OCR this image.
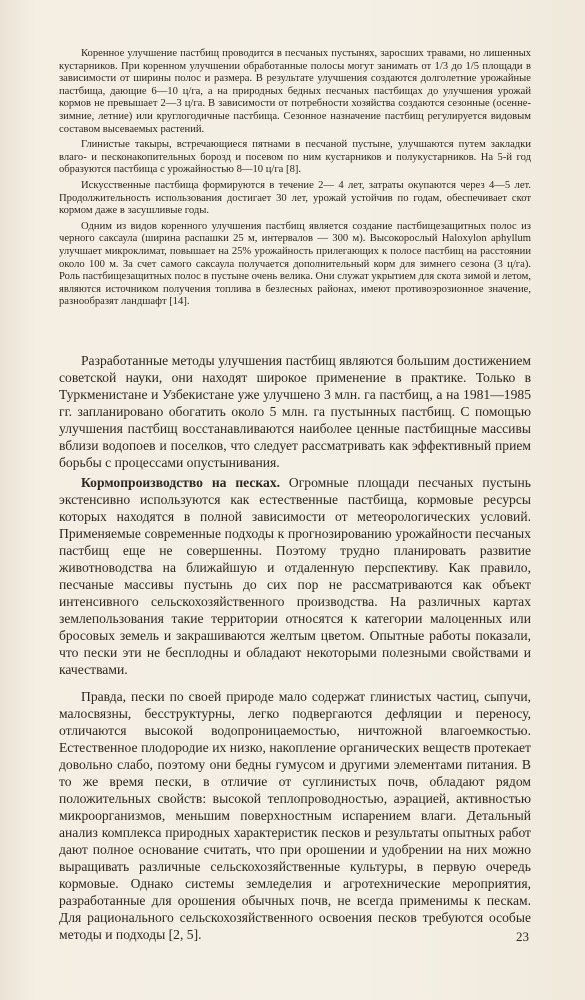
Коренное улучшение пастбищ проводится в песчаных пустынях, заросших травами, но лишенных кустарников. При коренном улучшении обработанные полосы могут занимать от 1/3 до 1/5 площади в зависимости от ширины полос и размера. В результате улучшения создаются долголетние урожайные пастбища, дающие 6—10 ц/га, а на природных бедных песчаных пастбищах до улучшения урожай кормов не превышает 2—3 ц/га. В зависимости от потребности хозяйства создаются сезонные (осенне-зимние, летние) или круглогодичные пастбища. Сезонное назначение пастбищ регулируется видовым составом высеваемых растений.

Глинистые такыры, встречающиеся пятнами в песчаной пустыне, улучшаются путем закладки влаго- и песконакопительных борозд и посевом по ним кустарников и полукустарников. На 5-й год образуются пастбища с урожайностью 8—10 ц/га [8].

Искусственные пастбища формируются в течение 2— 4 лет, затраты окупаются через 4—5 лет. Продолжительность использования достигает 30 лет, урожай устойчив по годам, обеспечивает скот кормом даже в засушливые годы.

Одним из видов коренного улучшения пастбищ является создание пастбищезащитных полос из черного саксаула (ширина распашки 25 м, интервалов — 300 м). Высокорослый Haloxylon aphyllum улучшает микроклимат, повышает на 25% урожайность прилегающих к полосе пастбищ на расстоянии около 100 м. За счет самого саксаула получается дополнительный корм для зимнего сезона (3 ц/га). Роль пастбищезащитных полос в пустыне очень велика. Они служат укрытием для скота зимой и летом, являются источником получения топлива в безлесных районах, имеют противоэрозионное значение, разнообразят ландшафт [14].

Разработанные методы улучшения пастбищ являются большим достижением советской науки, они находят широкое применение в практике. Только в Туркменистане и Узбекистане уже улучшено 3 млн. га пастбищ, а на 1981—1985 гг. запланировано обогатить около 5 млн. га пустынных пастбищ. С помощью улучшения пастбищ восстанавливаются наиболее ценные пастбищные массивы вблизи водопоев и поселков, что следует рассматривать как эффективный прием борьбы с процессами опустынивания.

Кормопроизводство на песках. Огромные площади песчаных пустынь экстенсивно используются как естественные пастбища, кормовые ресурсы которых находятся в полной зависимости от метеорологических условий. Применяемые современные подходы к прогнозированию урожайности песчаных пастбищ еще не совершенны. Поэтому трудно планировать развитие животноводства на ближайшую и отдаленную перспективу. Как правило, песчаные массивы пустынь до сих пор не рассматриваются как объект интенсивного сельскохозяйственного производства. На различных картах землепользования такие территории относятся к категории малоценных или бросовых земель и закрашиваются желтым цветом. Опытные работы показали, что пески эти не бесплодны и обладают некоторыми полезными свойствами и качествами.

Правда, пески по своей природе мало содержат глинистых частиц, сыпучи, малосвязны, бесструктурны, легко подвергаются дефляции и переносу, отличаются высокой водопроницаемостью, ничтожной влагоемкостью. Естественное плодородие их низко, накопление органических веществ протекает довольно слабо, поэтому они бедны гумусом и другими элементами питания. В то же время пески, в отличие от суглинистых почв, обладают рядом положительных свойств: высокой теплопроводностью, аэрацией, активностью микроорганизмов, меньшим поверхностным испарением влаги. Детальный анализ комплекса природных характеристик песков и результаты опытных работ дают полное основание считать, что при орошении и удобрении на них можно выращивать различные сельскохозяйственные культуры, в первую очередь кормовые. Однако системы земледелия и агротехнические мероприятия, разработанные для орошения обычных почв, не всегда применимы к пескам. Для рационального сельскохозяйственного освоения песков требуются особые методы и подходы [2, 5].	23
